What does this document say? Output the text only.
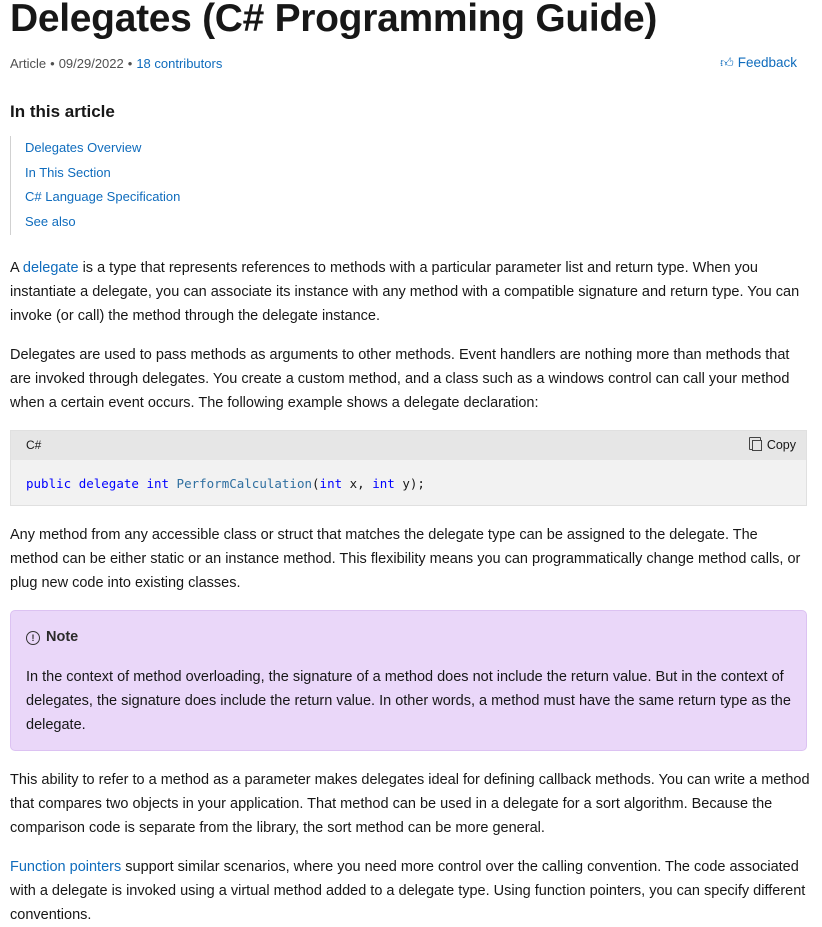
Delegates (C# Programming Guide)
Article • 09/29/2022 • 18 contributors	👍︎ Feedback
In this article
Delegates Overview
In This Section
C# Language Specification
See also

A delegate is a type that represents references to methods with a particular parameter list and return type. When you instantiate a delegate, you can associate its instance with any method with a compatible signature and return type. You can invoke (or call) the method through the delegate instance.

Delegates are used to pass methods as arguments to other methods. Event handlers are nothing more than methods that are invoked through delegates. You create a custom method, and a class such as a windows control can call your method when a certain event occurs. The following example shows a delegate declaration:

C#	Copy
public delegate int PerformCalculation(int x, int y);

Any method from any accessible class or struct that matches the delegate type can be assigned to the delegate. The method can be either static or an instance method. This flexibility means you can programmatically change method calls, or plug new code into existing classes.

! Note

In the context of method overloading, the signature of a method does not include the return value. But in the context of delegates, the signature does include the return value. In other words, a method must have the same return type as the delegate.

This ability to refer to a method as a parameter makes delegates ideal for defining callback methods. You can write a method that compares two objects in your application. That method can be used in a delegate for a sort algorithm. Because the comparison code is separate from the library, the sort method can be more general.

Function pointers support similar scenarios, where you need more control over the calling convention. The code associated with a delegate is invoked using a virtual method added to a delegate type. Using function pointers, you can specify different conventions.
